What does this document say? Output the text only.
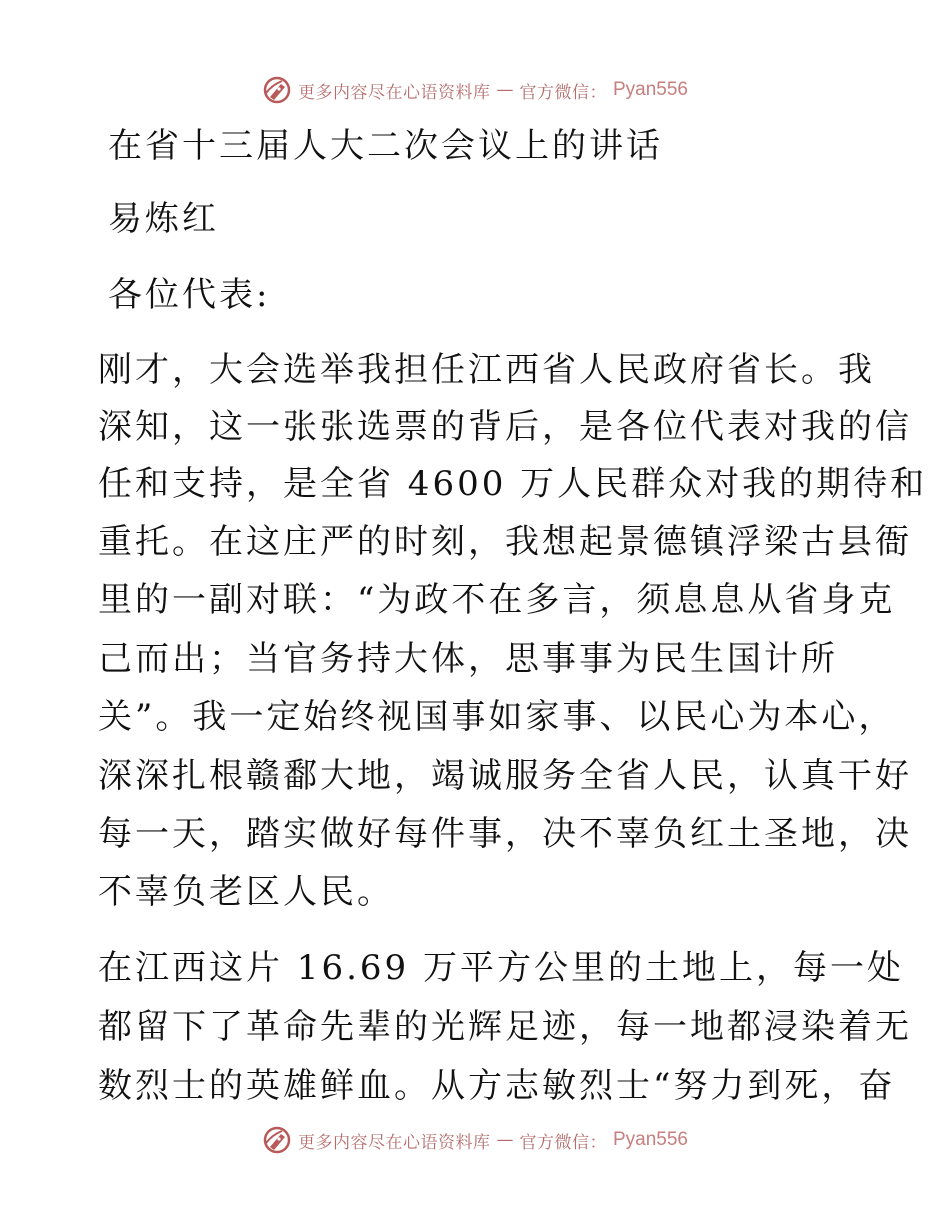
更多内容尽在心语资料库 — 官方微信： Pyan556
在省十三届人大二次会议上的讲话
易炼红
各位代表:
刚才，大会选举我担任江西省人民政府省长。我
深知，这一张张选票的背后，是各位代表对我的信
任和支持，是全省 4600 万人民群众对我的期待和
重托。在这庄严的时刻，我想起景德镇浮梁古县衙
里的一副对联：“为政不在多言，须息息从省身克
己而出；当官务持大体，思事事为民生国计所
关”。我一定始终视国事如家事、以民心为本心，
深深扎根赣鄱大地，竭诚服务全省人民，认真干好
每一天，踏实做好每件事，决不辜负红土圣地，决
不辜负老区人民。
在江西这片 16.69 万平方公里的土地上，每一处
都留下了革命先辈的光辉足迹，每一地都浸染着无
数烈士的英雄鲜血。从方志敏烈士“努力到死，奋
更多内容尽在心语资料库 — 官方微信： Pyan556
